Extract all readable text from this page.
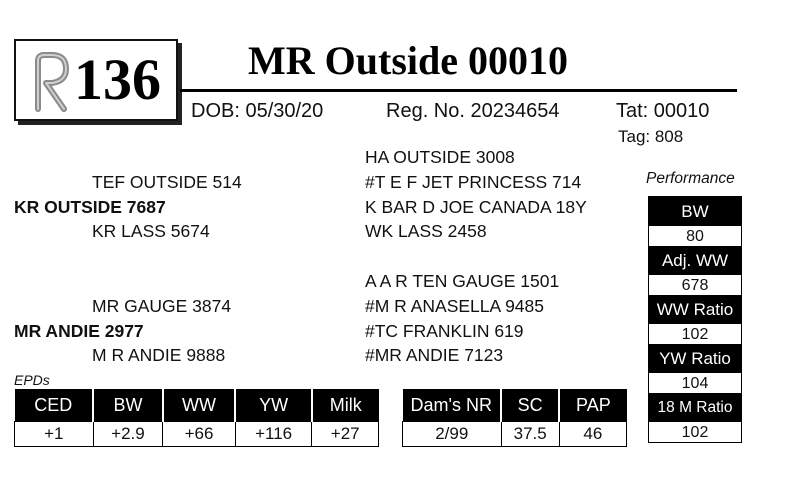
136 MR Outside 00010
DOB: 05/30/20	Reg. No. 20234654	Tat: 00010
Tag: 808
HA OUTSIDE 3008
TEF OUTSIDE 514	#T E F JET PRINCESS 714
KR OUTSIDE 7687	K BAR D JOE CANADA 18Y
KR LASS 5674	WK LASS 2458
A A R TEN GAUGE 1501
MR GAUGE 3874	#M R ANASELLA 9485
MR ANDIE 2977	#TC FRANKLIN 619
M R ANDIE 9888	#MR ANDIE 7123
Performance
BW
80
Adj. WW
678
WW Ratio
102
YW Ratio
104
18 M Ratio
102
EPDs
CED	BW	WW	YW	Milk
+1	+2.9	+66	+116	+27
Dam's NR	SC	PAP
2/99	37.5	46
